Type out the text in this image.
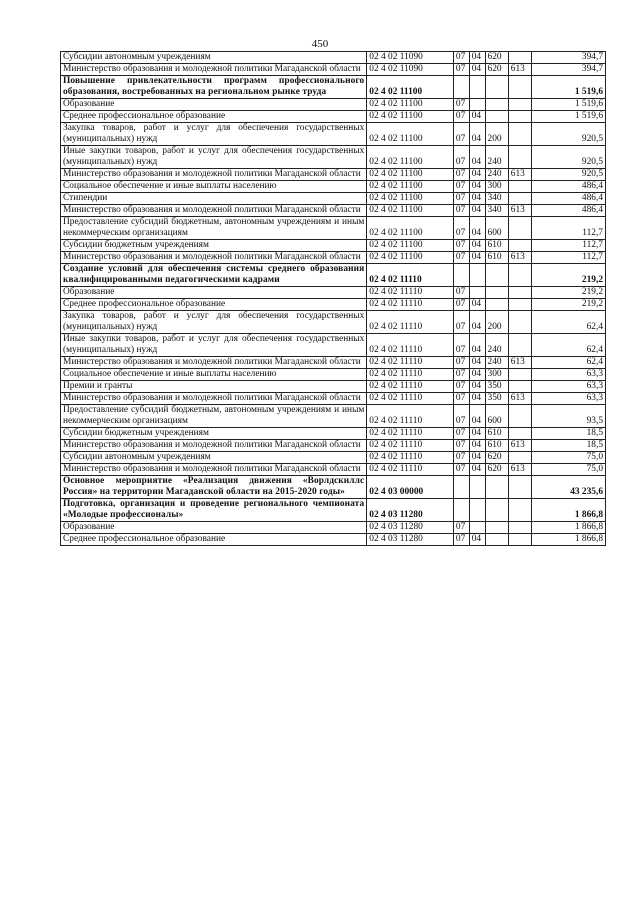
450
Субсидии автономным учреждениям	02 4 02 11090	07	04	620		394,7
Министерство образования и молодежной политики Магаданской области	02 4 02 11090	07	04	620	613	394,7
Повышение привлекательности программ профессионального образования, востребованных на региональном рынке труда	02 4 02 11100					1 519,6
Образование	02 4 02 11100	07				1 519,6
Среднее профессиональное образование	02 4 02 11100	07	04			1 519,6
Закупка товаров, работ и услуг для обеспечения государственных (муниципальных) нужд	02 4 02 11100	07	04	200		920,5
Иные закупки товаров, работ и услуг для обеспечения государственных (муниципальных) нужд	02 4 02 11100	07	04	240		920,5
Министерство образования и молодежной политики Магаданской области	02 4 02 11100	07	04	240	613	920,5
Социальное обеспечение и иные выплаты населению	02 4 02 11100	07	04	300		486,4
Стипендии	02 4 02 11100	07	04	340		486,4
Министерство образования и молодежной политики Магаданской области	02 4 02 11100	07	04	340	613	486,4
Предоставление субсидий бюджетным, автономным учреждениям и иным некоммерческим организациям	02 4 02 11100	07	04	600		112,7
Субсидии бюджетным учреждениям	02 4 02 11100	07	04	610		112,7
Министерство образования и молодежной политики Магаданской области	02 4 02 11100	07	04	610	613	112,7
Создание условий для обеспечения системы среднего образования квалифицированными педагогическими кадрами	02 4 02 11110					219,2
Образование	02 4 02 11110	07				219,2
Среднее профессиональное образование	02 4 02 11110	07	04			219,2
Закупка товаров, работ и услуг для обеспечения государственных (муниципальных) нужд	02 4 02 11110	07	04	200		62,4
Иные закупки товаров, работ и услуг для обеспечения государственных (муниципальных) нужд	02 4 02 11110	07	04	240		62,4
Министерство образования и молодежной политики Магаданской области	02 4 02 11110	07	04	240	613	62,4
Социальное обеспечение и иные выплаты населению	02 4 02 11110	07	04	300		63,3
Премии и гранты	02 4 02 11110	07	04	350		63,3
Министерство образования и молодежной политики Магаданской области	02 4 02 11110	07	04	350	613	63,3
Предоставление субсидий бюджетным, автономным учреждениям и иным некоммерческим организациям	02 4 02 11110	07	04	600		93,5
Субсидии бюджетным учреждениям	02 4 02 11110	07	04	610		18,5
Министерство образования и молодежной политики Магаданской области	02 4 02 11110	07	04	610	613	18,5
Субсидии автономным учреждениям	02 4 02 11110	07	04	620		75,0
Министерство образования и молодежной политики Магаданской области	02 4 02 11110	07	04	620	613	75,0
Основное мероприятие «Реализация движения «Ворлдскиллс Россия» на территории Магаданской области на 2015-2020 годы»	02 4 03 00000					43 235,6
Подготовка, организация и проведение регионального чемпионата «Молодые профессионалы»	02 4 03 11280					1 866,8
Образование	02 4 03 11280	07				1 866,8
Среднее профессиональное образование	02 4 03 11280	07	04			1 866,8
